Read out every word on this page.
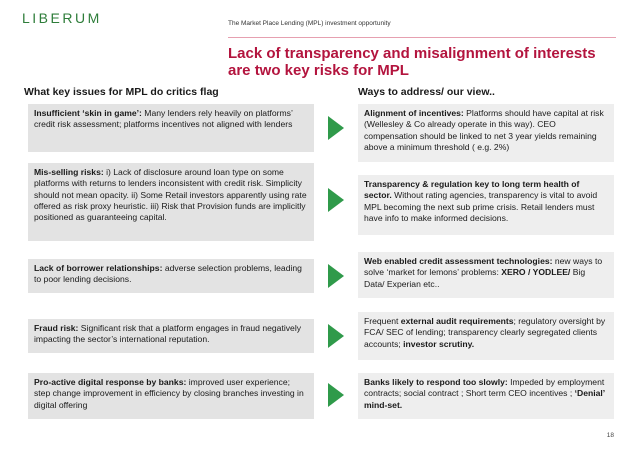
LIBERUM	The Market Place Lending (MPL) investment opportunity
Lack of transparency and misalignment of interests are two key risks for MPL
What key issues for MPL do critics flag	Ways to address/ our view..
Insufficient ‘skin in game’: Many lenders rely heavily on platforms’ credit risk assessment; platforms incentives not aligned with lenders
Alignment of incentives: Platforms should have capital at risk (Wellesley & Co already operate in this way). CEO compensation should be linked to net 3 year yields remaining above a minimum threshold ( e.g. 2%)
Mis-selling risks: i) Lack of disclosure around loan type on some platforms with returns to lenders inconsistent with credit risk. Simplicity should not mean opacity. ii) Some Retail investors apparently using rate offered as risk proxy heuristic. iii) Risk that Provision funds are implicitly positioned as guaranteeing capital.
Transparency & regulation key to long term health of sector. Without rating agencies, transparency is vital to avoid MPL becoming the next sub prime crisis. Retail lenders must have info to make informed decisions.
Lack of borrower relationships: adverse selection problems, leading to poor lending decisions.
Web enabled credit assessment technologies: new ways to solve ‘market for lemons’ problems: XERO / YODLEE/ Big Data/ Experian etc..
Fraud risk: Significant risk that a platform engages in fraud negatively impacting the sector’s international reputation.
Frequent external audit requirements; regulatory oversight by FCA/ SEC of lending; transparency clearly segregated clients accounts; investor scrutiny.
Pro-active digital response by banks: improved user experience; step change improvement in efficiency by closing branches investing in digital offering
Banks likely to respond too slowly: Impeded by employment contracts; social contract ; Short term CEO incentives ; ‘Denial’ mind-set.
18
